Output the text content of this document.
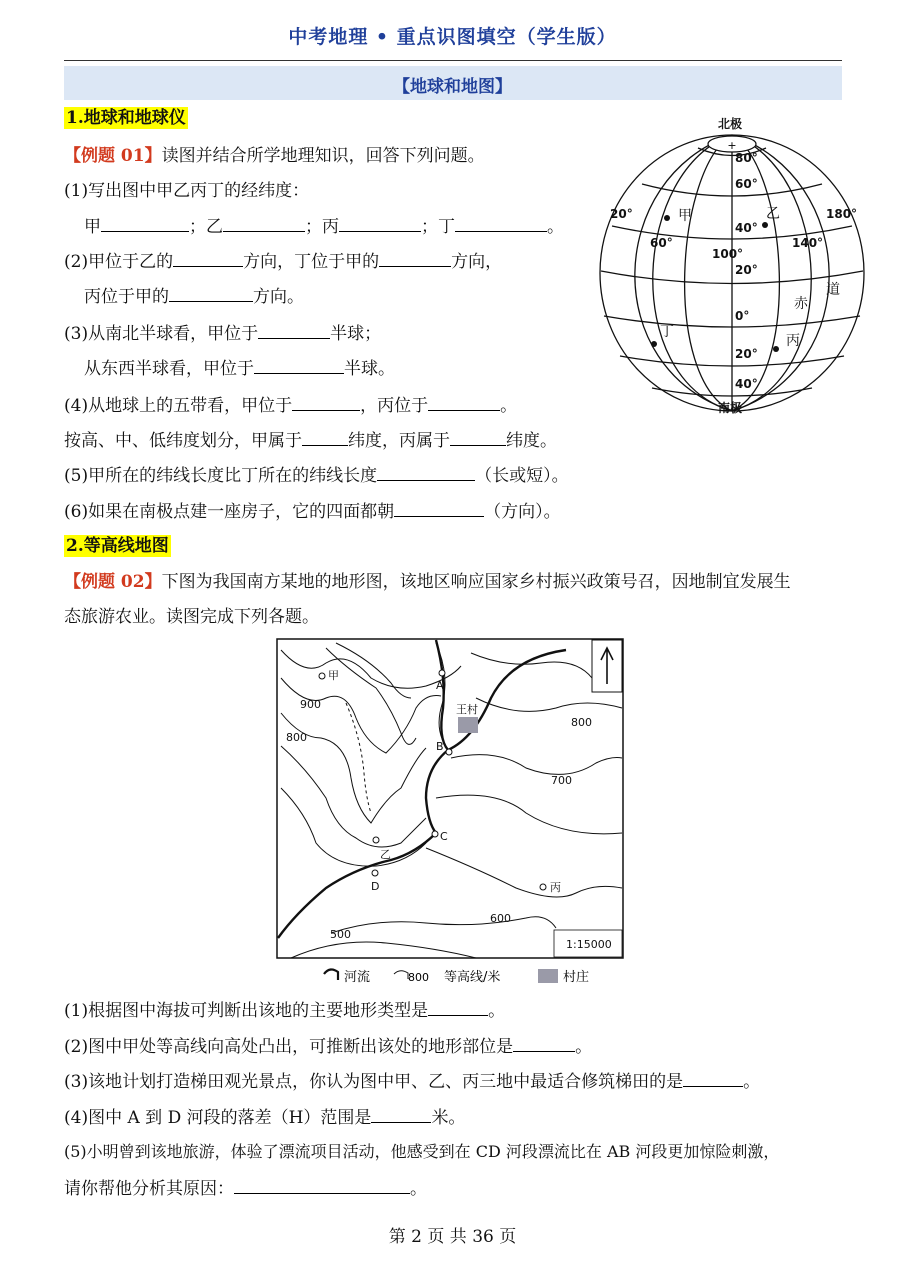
中考地理 • 重点识图填空（学生版）
【地球和地图】
1.地球和地球仪
【例题 01】读图并结合所学地理知识，回答下列问题。
(1)写出图中甲乙丙丁的经纬度：
甲	；乙	；丙	；丁	。
(2)甲位于乙的	方向，丁位于甲的	方向，
丙位于甲的	方向。
(3)从南北半球看，甲位于	半球；
从东西半球看，甲位于	半球。
(4)从地球上的五带看，甲位于	，丙位于	。
按高、中、低纬度划分，甲属于	纬度，丙属于	纬度。
(5)甲所在的纬线长度比丁所在的纬线长度	（长或短）。
(6)如果在南极点建一座房子，它的四面都朝	（方向）。
+
北极
南极
80°
60°
40°
20°
0°
20°
40°
20°
60°
100°
140°
180°
甲	乙
丙
丁
赤
道
2.等高线地图
【例题 02】下图为我国南方某地的地形图，该地区响应国家乡村振兴政策号召，因地制宜发展生
态旅游农业。读图完成下列各题。
甲
乙
丙
王村
A
B
C
D
900
800
800
700
600
500
1:15000
河流	800 等高线/米	村庄
(1)根据图中海拔可判断出该地的主要地形类型是	。
(2)图中甲处等高线向高处凸出，可推断出该处的地形部位是	。
(3)该地计划打造梯田观光景点，你认为图中甲、乙、丙三地中最适合修筑梯田的是	。
(4)图中 A 到 D 河段的落差（H）范围是	米。
(5)小明曾到该地旅游，体验了漂流项目活动，他感受到在 CD 河段漂流比在 AB 河段更加惊险刺激，
请你帮他分析其原因：	。
第 2 页 共 36 页
